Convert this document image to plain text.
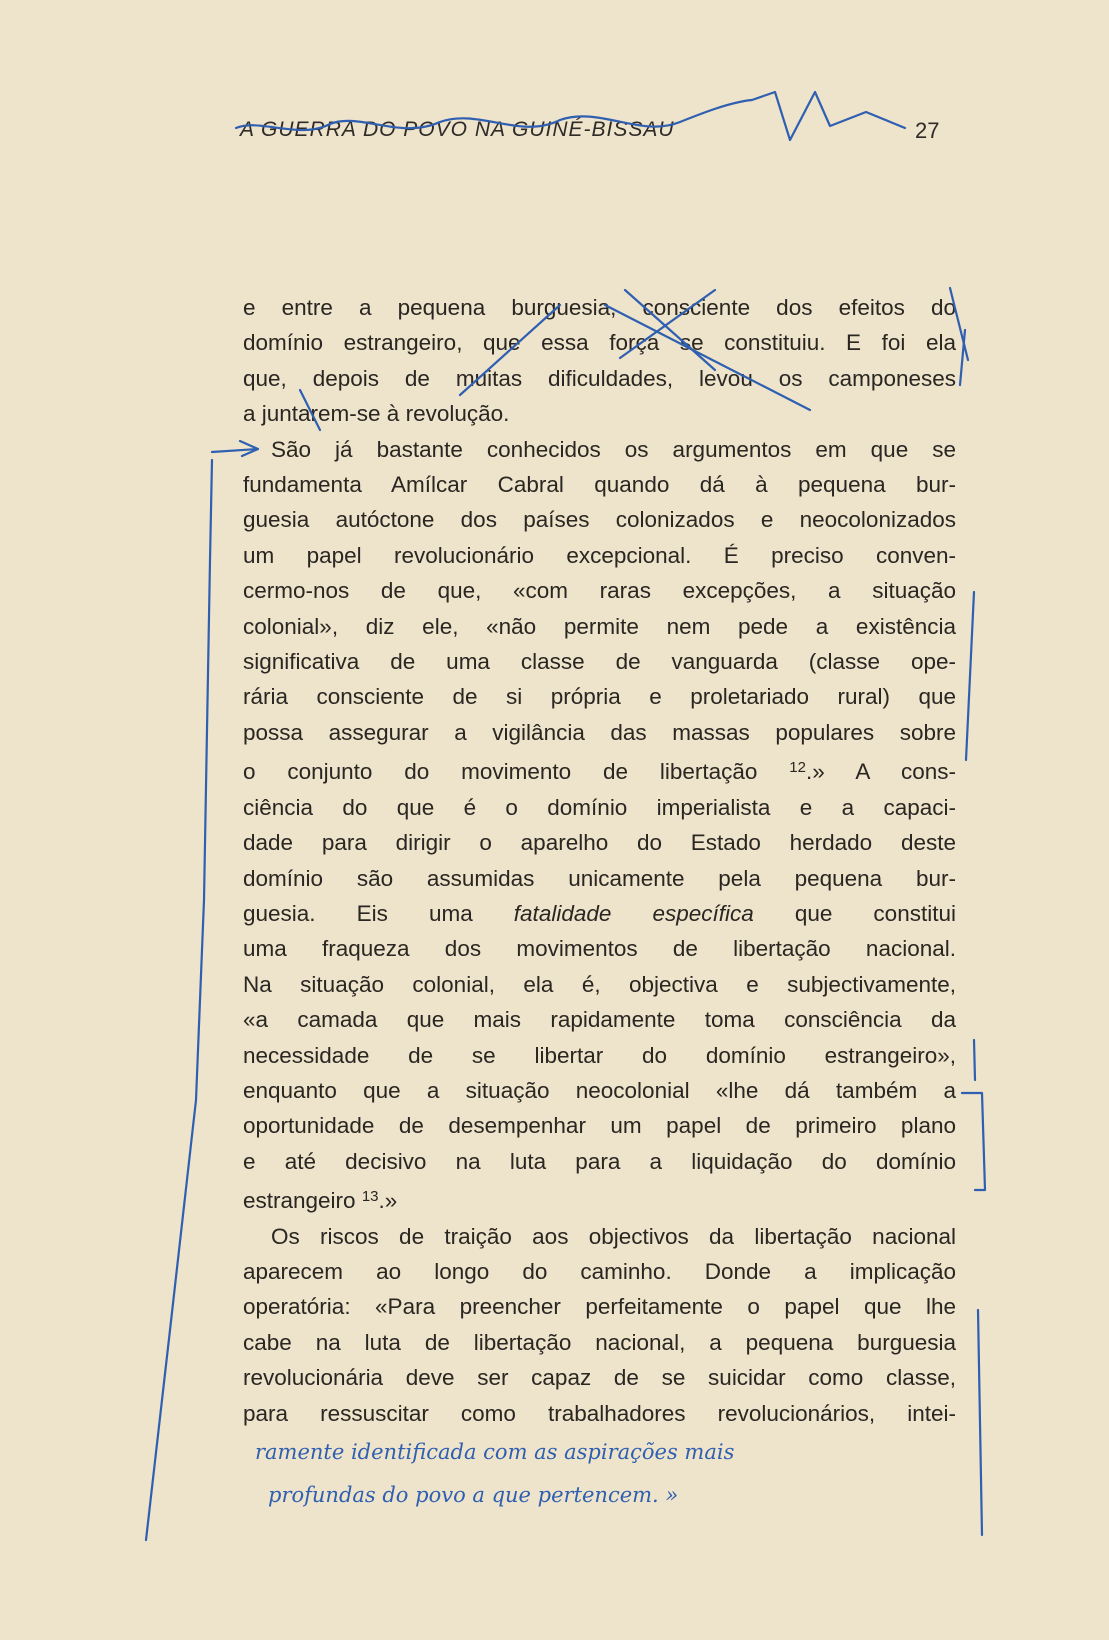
A GUERRA DO POVO NA GUINÉ-BISSAU	27
e entre a pequena burguesia, consciente dos efeitos do
domínio estrangeiro, que essa força se constituiu. E foi ela
que, depois de muitas dificuldades, levou os camponeses
a juntarem-se à revolução.
São já bastante conhecidos os argumentos em que se
fundamenta Amílcar Cabral quando dá à pequena bur-
guesia autóctone dos países colonizados e neocolonizados
um papel revolucionário excepcional. É preciso conven-
cermo-nos de que, «com raras excepções, a situação
colonial», diz ele, «não permite nem pede a existência
significativa de uma classe de vanguarda (classe ope-
rária consciente de si própria e proletariado rural) que
possa assegurar a vigilância das massas populares sobre
o conjunto do movimento de libertação $^{12}$.» A cons-
ciência do que é o domínio imperialista e a capaci-
dade para dirigir o aparelho do Estado herdado deste
domínio são assumidas unicamente pela pequena bur-
guesia. Eis uma fatalidade específica que constitui
uma fraqueza dos movimentos de libertação nacional.
Na situação colonial, ela é, objectiva e subjectivamente,
«a camada que mais rapidamente toma consciência da
necessidade de se libertar do domínio estrangeiro»,
enquanto que a situação neocolonial «lhe dá também a
oportunidade de desempenhar um papel de primeiro plano
e até decisivo na luta para a liquidação do domínio
estrangeiro $^{13}$.»
Os riscos de traição aos objectivos da libertação nacional
aparecem ao longo do caminho. Donde a implicação
operatória: «Para preencher perfeitamente o papel que lhe
cabe na luta de libertação nacional, a pequena burguesia
revolucionária deve ser capaz de se suicidar como classe,
para ressuscitar como trabalhadores revolucionários, intei-
ramente identificada com as aspirações mais
profundas do povo a que pertencem. »
